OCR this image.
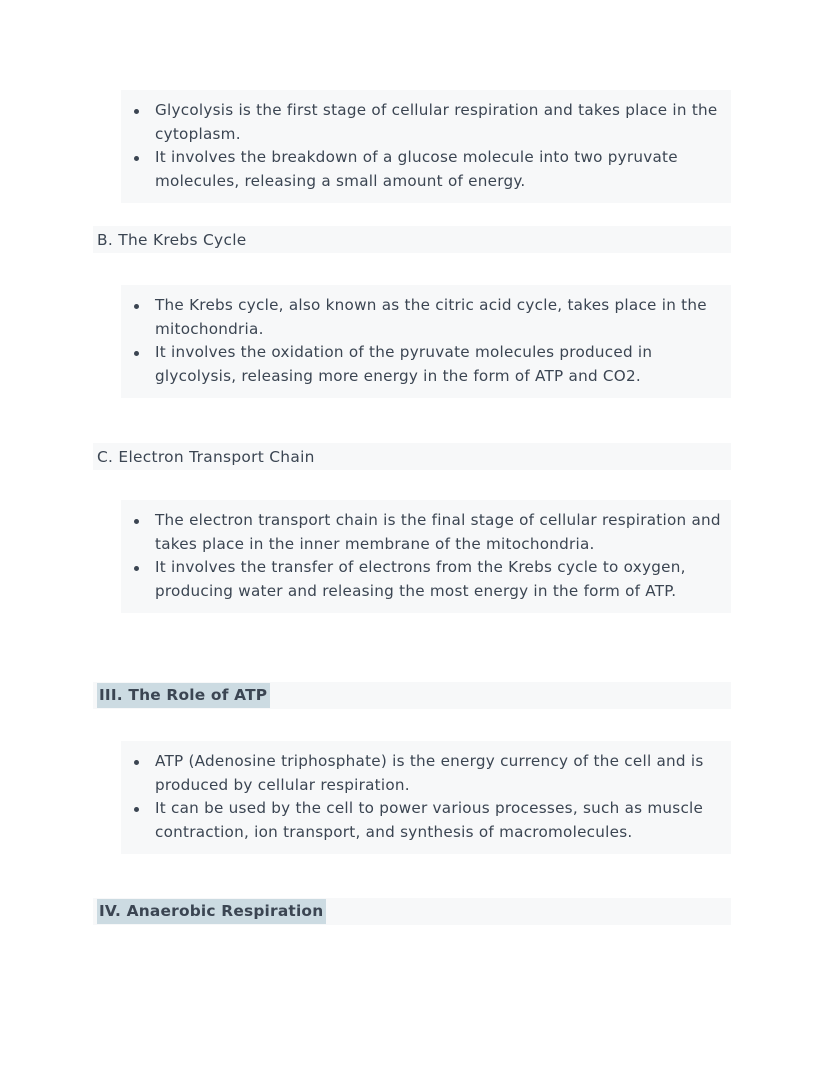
Glycolysis is the first stage of cellular respiration and takes place in the cytoplasm.
It involves the breakdown of a glucose molecule into two pyruvate molecules, releasing a small amount of energy.
B. The Krebs Cycle
The Krebs cycle, also known as the citric acid cycle, takes place in the mitochondria.
It involves the oxidation of the pyruvate molecules produced in glycolysis, releasing more energy in the form of ATP and CO2.
C. Electron Transport Chain
The electron transport chain is the final stage of cellular respiration and takes place in the inner membrane of the mitochondria.
It involves the transfer of electrons from the Krebs cycle to oxygen, producing water and releasing the most energy in the form of ATP.
III. The Role of ATP
ATP (Adenosine triphosphate) is the energy currency of the cell and is produced by cellular respiration.
It can be used by the cell to power various processes, such as muscle contraction, ion transport, and synthesis of macromolecules.
IV. Anaerobic Respiration
